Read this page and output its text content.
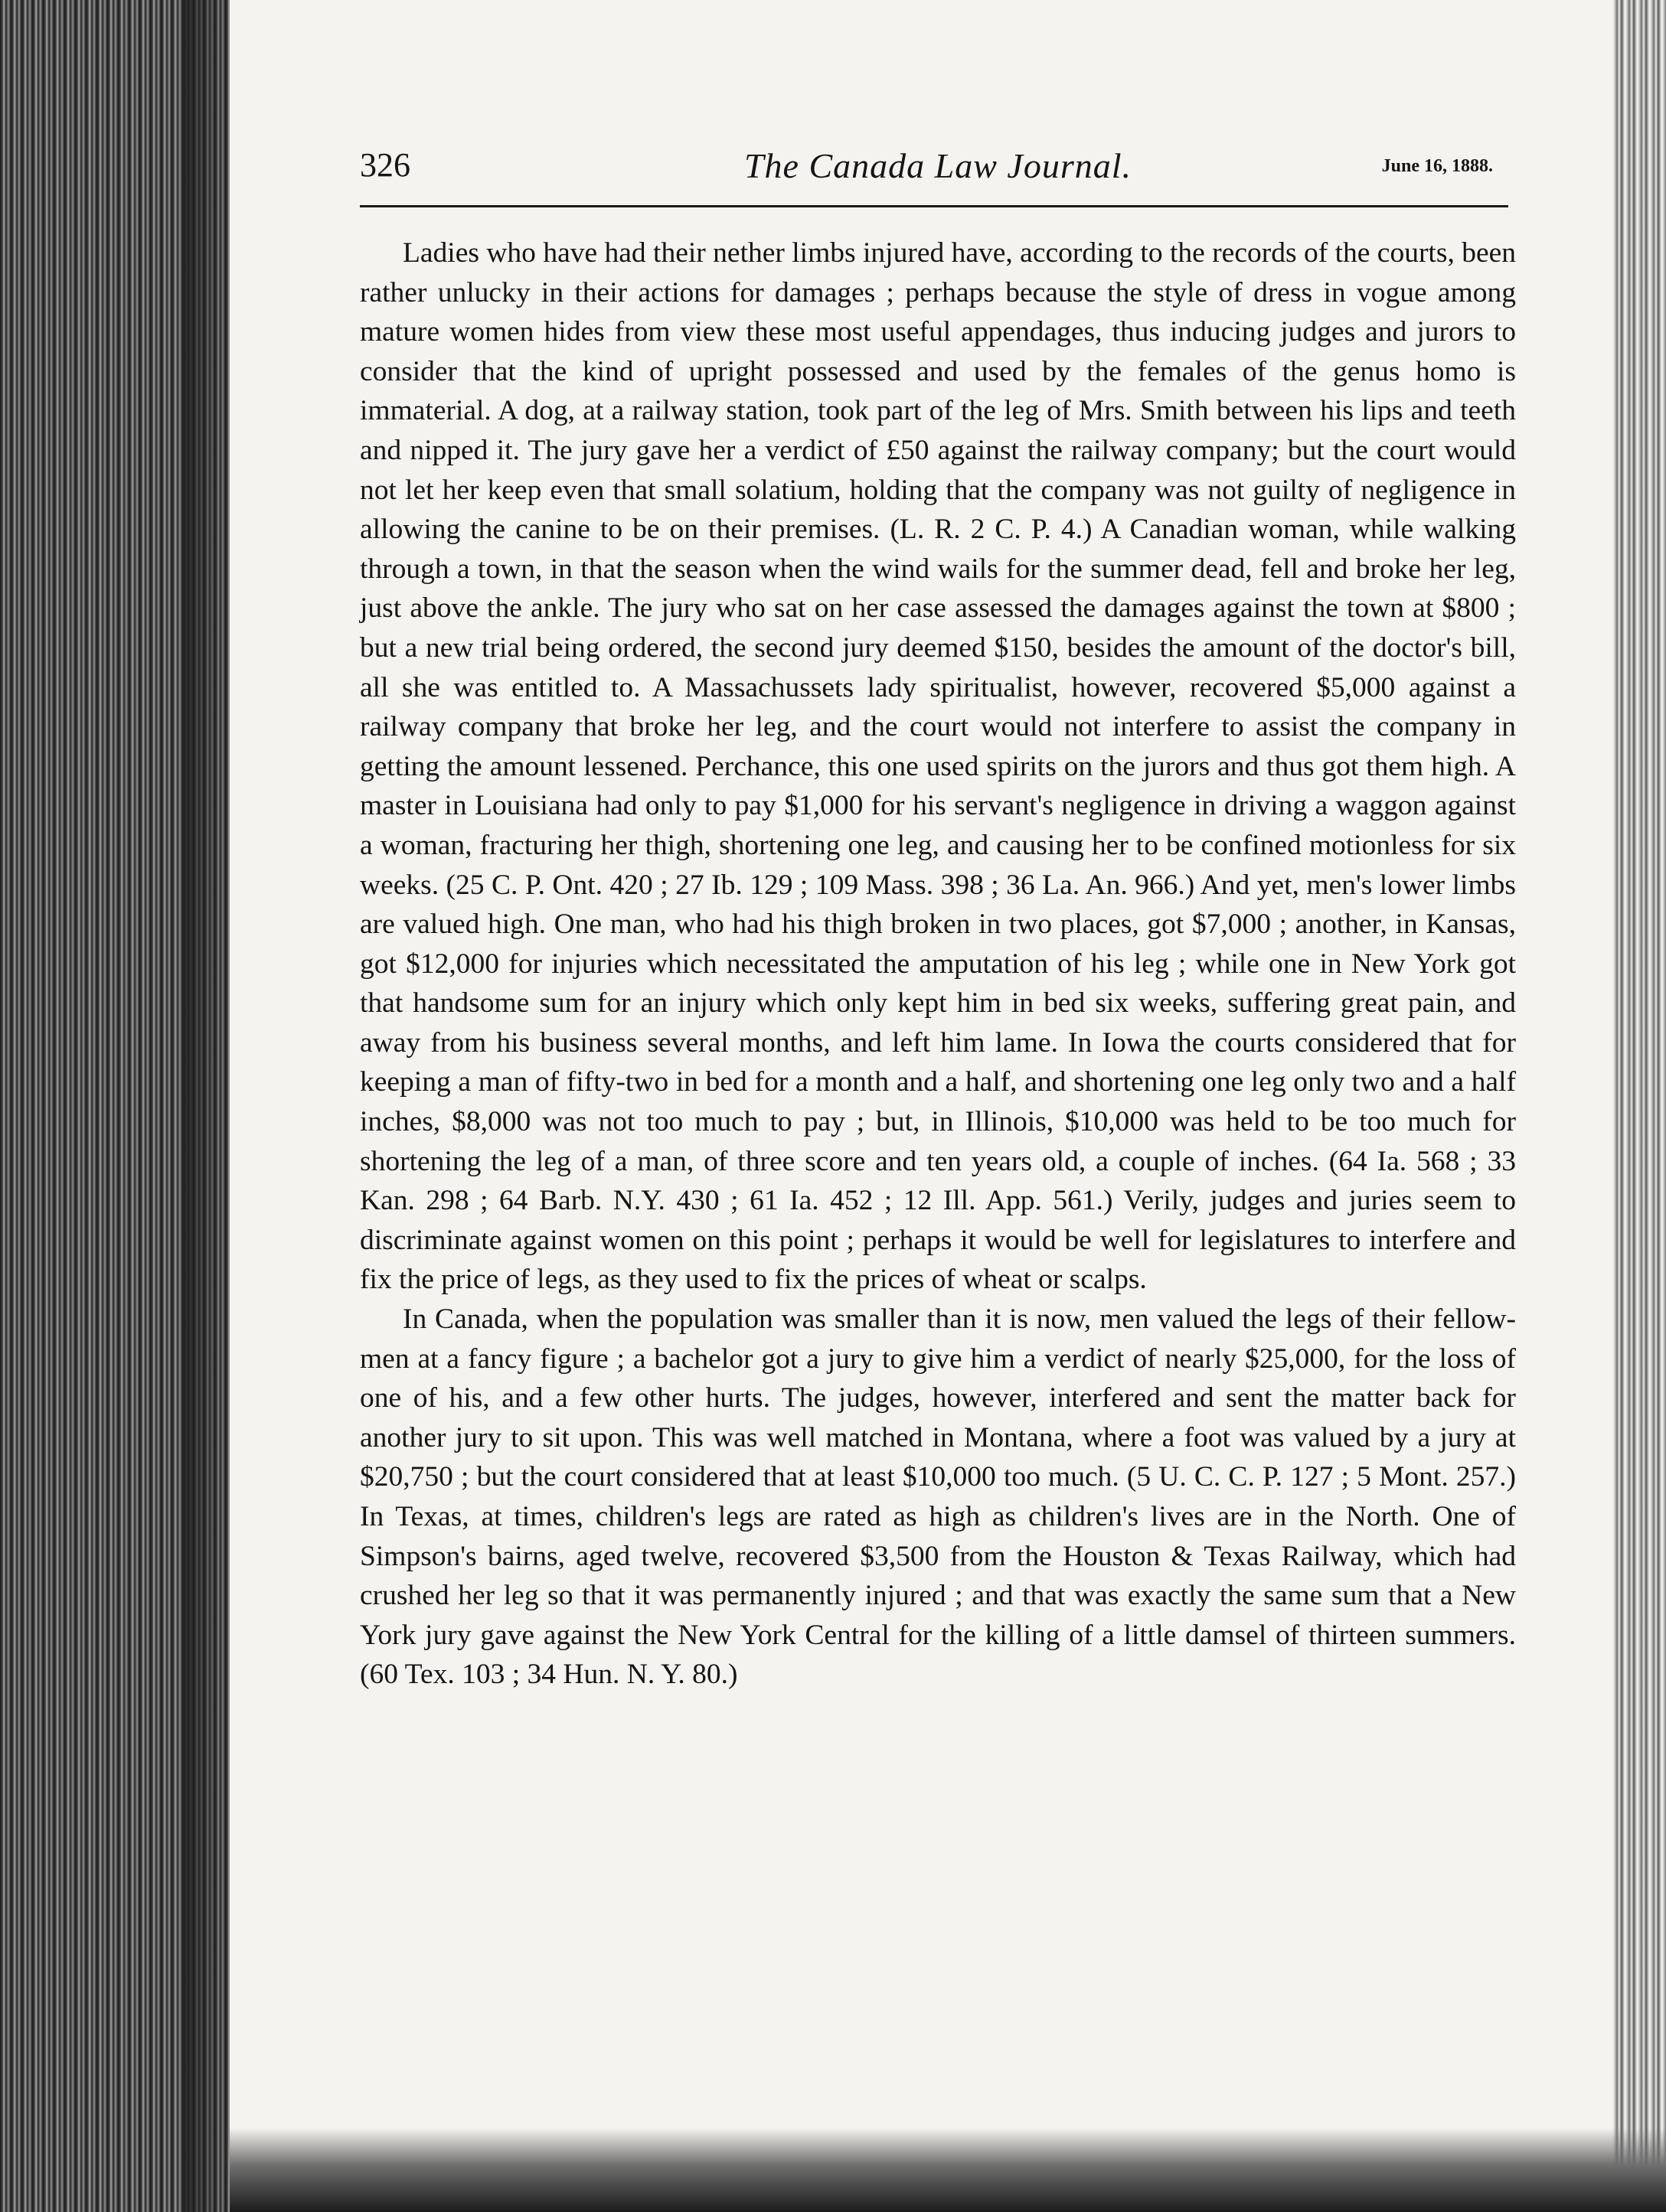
326	The Canada Law Journal.	June 16, 1888.

Ladies who have had their nether limbs injured have, according to the records of the courts, been rather unlucky in their actions for damages ; perhaps because the style of dress in vogue among mature women hides from view these most useful appendages, thus inducing judges and jurors to consider that the kind of upright possessed and used by the females of the genus homo is immaterial. A dog, at a railway station, took part of the leg of Mrs. Smith between his lips and teeth and nipped it. The jury gave her a verdict of £50 against the railway company; but the court would not let her keep even that small solatium, holding that the company was not guilty of negligence in allowing the canine to be on their premises. (L. R. 2 C. P. 4.) A Canadian woman, while walking through a town, in that the season when the wind wails for the summer dead, fell and broke her leg, just above the ankle. The jury who sat on her case assessed the damages against the town at $800 ; but a new trial being ordered, the second jury deemed $150, besides the amount of the doctor's bill, all she was entitled to. A Massachussets lady spiritualist, however, recovered $5,000 against a railway company that broke her leg, and the court would not interfere to assist the company in getting the amount lessened. Perchance, this one used spirits on the jurors and thus got them high. A master in Louisiana had only to pay $1,000 for his servant's negligence in driving a waggon against a woman, fracturing her thigh, shortening one leg, and causing her to be confined motionless for six weeks. (25 C. P. Ont. 420 ; 27 Ib. 129 ; 109 Mass. 398 ; 36 La. An. 966.) And yet, men's lower limbs are valued high. One man, who had his thigh broken in two places, got $7,000 ; another, in Kansas, got $12,000 for injuries which necessitated the amputation of his leg ; while one in New York got that handsome sum for an injury which only kept him in bed six weeks, suffering great pain, and away from his business several months, and left him lame. In Iowa the courts considered that for keeping a man of fifty-two in bed for a month and a half, and shortening one leg only two and a half inches, $8,000 was not too much to pay ; but, in Illinois, $10,000 was held to be too much for shortening the leg of a man, of three score and ten years old, a couple of inches. (64 Ia. 568 ; 33 Kan. 298 ; 64 Barb. N.Y. 430 ; 61 Ia. 452 ; 12 Ill. App. 561.) Verily, judges and juries seem to discriminate against women on this point ; perhaps it would be well for legislatures to interfere and fix the price of legs, as they used to fix the prices of wheat or scalps.

In Canada, when the population was smaller than it is now, men valued the legs of their fellow-men at a fancy figure ; a bachelor got a jury to give him a verdict of nearly $25,000, for the loss of one of his, and a few other hurts. The judges, however, interfered and sent the matter back for another jury to sit upon. This was well matched in Montana, where a foot was valued by a jury at $20,750 ; but the court considered that at least $10,000 too much. (5 U. C. C. P. 127 ; 5 Mont. 257.) In Texas, at times, children's legs are rated as high as children's lives are in the North. One of Simpson's bairns, aged twelve, recovered $3,500 from the Houston & Texas Railway, which had crushed her leg so that it was permanently injured ; and that was exactly the same sum that a New York jury gave against the New York Central for the killing of a little damsel of thirteen summers. (60 Tex. 103 ; 34 Hun. N. Y. 80.)
